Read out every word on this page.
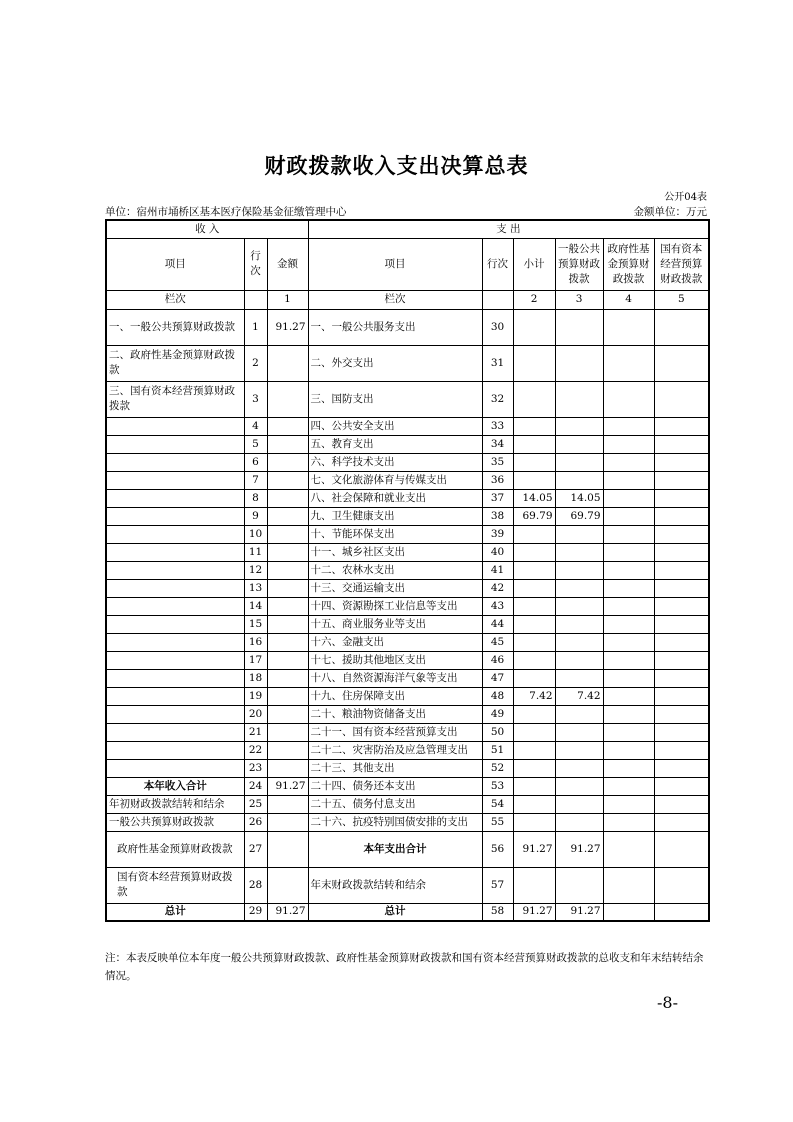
财政拨款收入支出决算总表
公开04表
单位：宿州市埇桥区基本医疗保险基金征缴管理中心	金额单位：万元
收 入			支 出					
项目	行次	金额	项目	行次	小计	一般公共预算财政拨款	政府性基金预算财政拨款	国有资本经营预算财政拨款
栏次		1	栏次		2	3	4	5
一、一般公共预算财政拨款	1	91.27	一、一般公共服务支出	30				
二、政府性基金预算财政拨款	2		二、外交支出	31				
三、国有资本经营预算财政拨款	3		三、国防支出	32				
	4		四、公共安全支出	33				
	5		五、教育支出	34				
	6		六、科学技术支出	35				
	7		七、文化旅游体育与传媒支出	36				
	8		八、社会保障和就业支出	37	14.05	14.05		
	9		九、卫生健康支出	38	69.79	69.79		
	10		十、节能环保支出	39				
	11		十一、城乡社区支出	40				
	12		十二、农林水支出	41				
	13		十三、交通运输支出	42				
	14		十四、资源勘探工业信息等支出	43				
	15		十五、商业服务业等支出	44				
	16		十六、金融支出	45				
	17		十七、援助其他地区支出	46				
	18		十八、自然资源海洋气象等支出	47				
	19		十九、住房保障支出	48	7.42	7.42		
	20		二十、粮油物资储备支出	49				
	21		二十一、国有资本经营预算支出	50				
	22		二十二、灾害防治及应急管理支出	51				
	23		二十三、其他支出	52				
本年收入合计	24	91.27	二十四、债务还本支出	53				
年初财政拨款结转和结余	25		二十五、债务付息支出	54				
一般公共预算财政拨款	26		二十六、抗疫特别国债安排的支出	55				
政府性基金预算财政拨款	27		本年支出合计	56	91.27	91.27		
国有资本经营预算财政拨款	28		年末财政拨款结转和结余	57				
总计	29	91.27	总计	58	91.27	91.27		
注：本表反映单位本年度一般公共预算财政拨款、政府性基金预算财政拨款和国有资本经营预算财政拨款的总收支和年末结转结余情况。
-8-
